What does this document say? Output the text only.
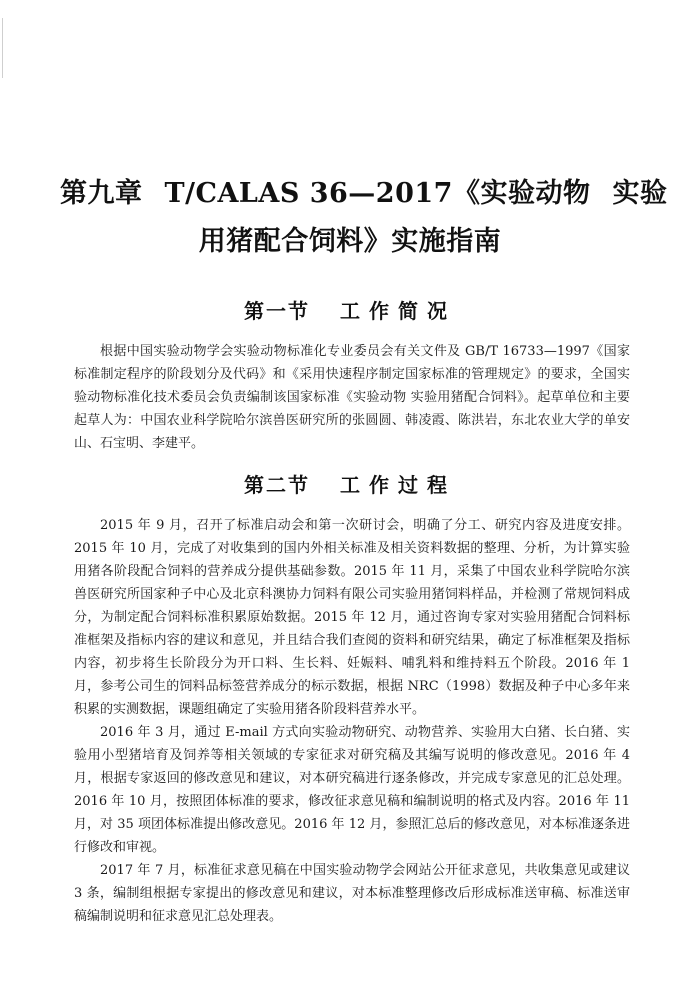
第九章 T/CALAS 36—2017《实验动物 实验
用猪配合饲料》实施指南
第一节 工作简况

根据中国实验动物学会实验动物标准化专业委员会有关文件及 GB/T 16733—1997《国家标准制定程序的阶段划分及代码》和《采用快速程序制定国家标准的管理规定》的要求，全国实验动物标准化技术委员会负责编制该国家标准《实验动物 实验用猪配合饲料》。起草单位和主要起草人为：中国农业科学院哈尔滨兽医研究所的张圆圆、韩凌霞、陈洪岩，东北农业大学的单安山、石宝明、李建平。

第二节 工作过程

2015 年 9 月，召开了标准启动会和第一次研讨会，明确了分工、研究内容及进度安排。2015 年 10 月，完成了对收集到的国内外相关标准及相关资料数据的整理、分析，为计算实验用猪各阶段配合饲料的营养成分提供基础参数。2015 年 11 月，采集了中国农业科学院哈尔滨兽医研究所国家种子中心及北京科澳协力饲料有限公司实验用猪饲料样品，并检测了常规饲料成分，为制定配合饲料标准积累原始数据。2015 年 12 月，通过咨询专家对实验用猪配合饲料标准框架及指标内容的建议和意见，并且结合我们查阅的资料和研究结果，确定了标准框架及指标内容，初步将生长阶段分为开口料、生长料、妊娠料、哺乳料和维持料五个阶段。2016 年 1 月，参考公司生的饲料品标签营养成分的标示数据，根据 NRC（1998）数据及种子中心多年来积累的实测数据，课题组确定了实验用猪各阶段料营养水平。

2016 年 3 月，通过 E-mail 方式向实验动物研究、动物营养、实验用大白猪、长白猪、实验用小型猪培育及饲养等相关领域的专家征求对研究稿及其编写说明的修改意见。2016 年 4 月，根据专家返回的修改意见和建议，对本研究稿进行逐条修改，并完成专家意见的汇总处理。2016 年 10 月，按照团体标准的要求，修改征求意见稿和编制说明的格式及内容。2016 年 11 月，对 35 项团体标准提出修改意见。2016 年 12 月，参照汇总后的修改意见，对本标准逐条进行修改和审视。

2017 年 7 月，标准征求意见稿在中国实验动物学会网站公开征求意见，共收集意见或建议 3 条，编制组根据专家提出的修改意见和建议，对本标准整理修改后形成标准送审稿、标准送审稿编制说明和征求意见汇总处理表。
